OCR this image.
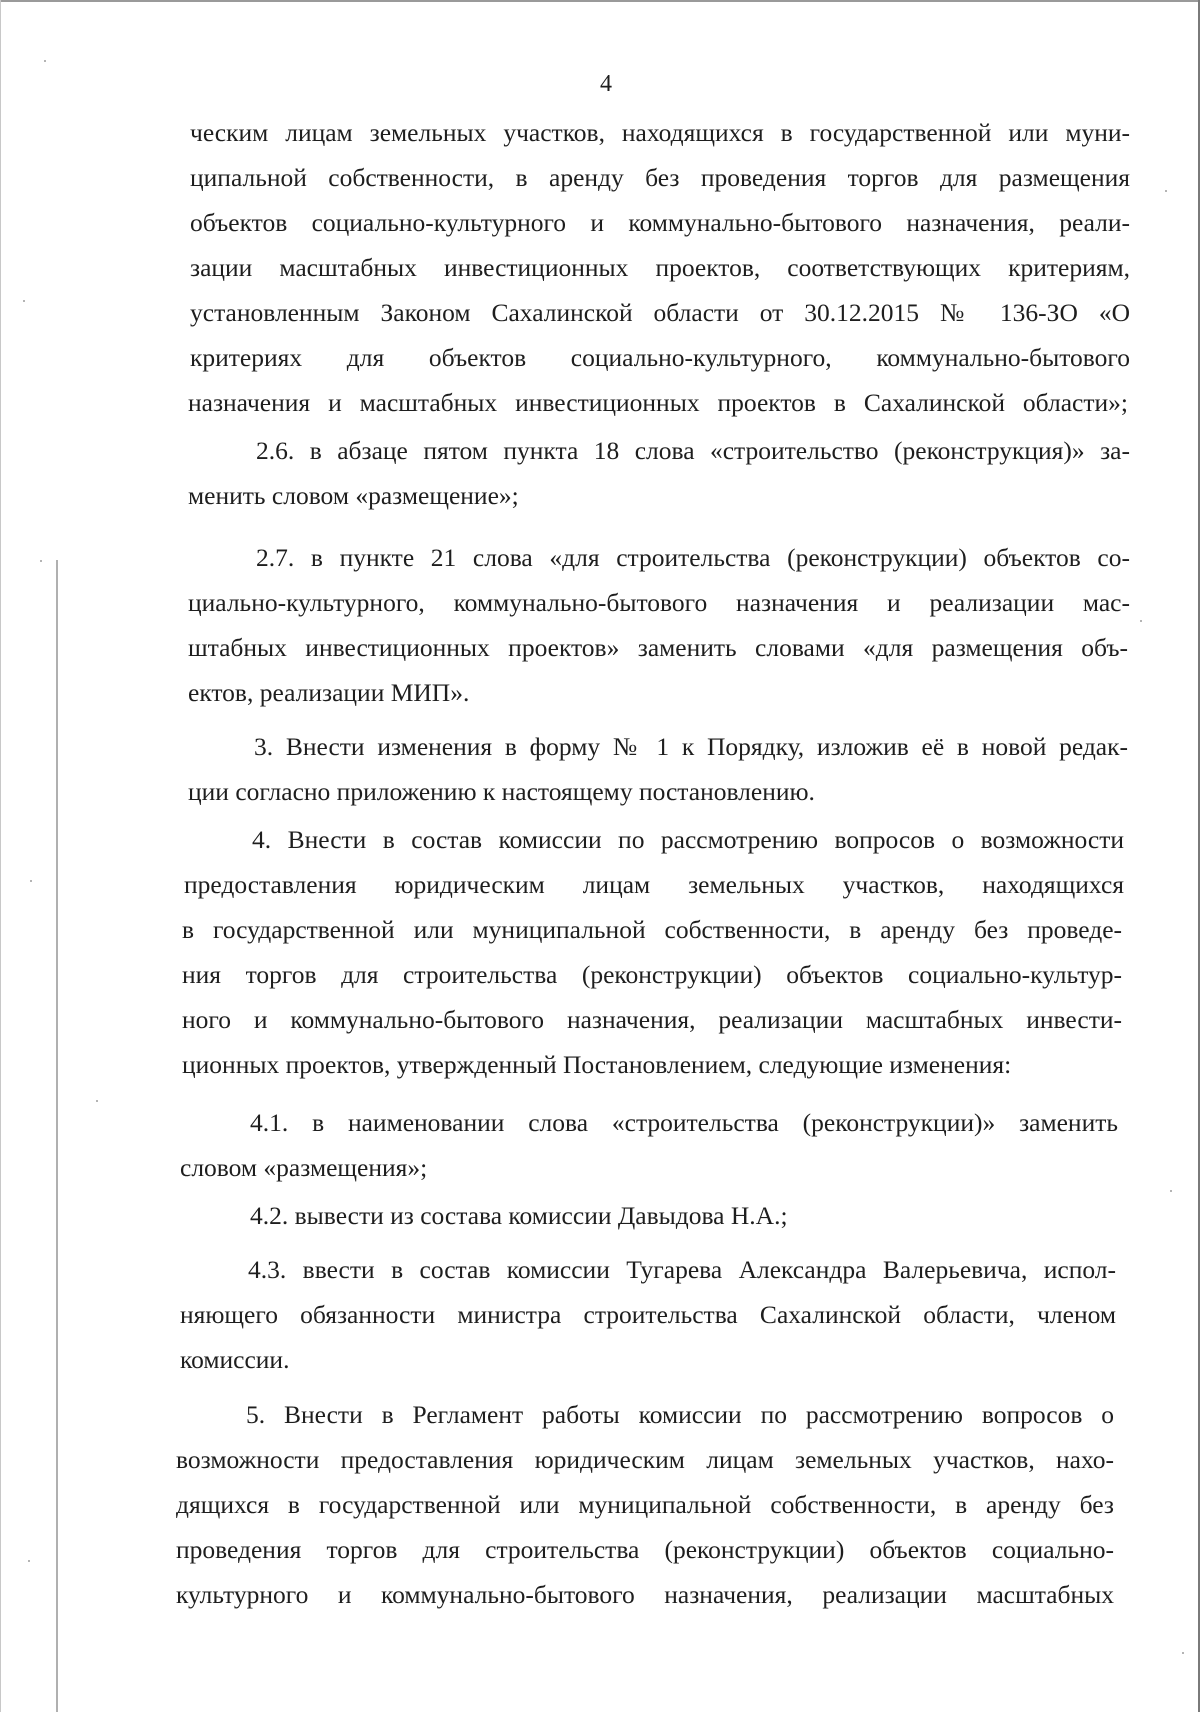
4
ческим лицам земельных участков, находящихся в государственной или муни-
ципальной собственности, в аренду без проведения торгов для размещения
объектов социально-культурного и коммунально-бытового назначения, реали-
зации масштабных инвестиционных проектов, соответствующих критериям,
установленным Законом Сахалинской области от 30.12.2015 № 136-ЗО «О
критериях для объектов социально-культурного, коммунально-бытового
назначения и масштабных инвестиционных проектов в Сахалинской области»;
2.6. в абзаце пятом пункта 18 слова «строительство (реконструкция)» за-
менить словом «размещение»;
2.7. в пункте 21 слова «для строительства (реконструкции) объектов со-
циально-культурного, коммунально-бытового назначения и реализации мас-
штабных инвестиционных проектов» заменить словами «для размещения объ-
ектов, реализации МИП».
3. Внести изменения в форму № 1 к Порядку, изложив её в новой редак-
ции согласно приложению к настоящему постановлению.
4. Внести в состав комиссии по рассмотрению вопросов о возможности
предоставления юридическим лицам земельных участков, находящихся
в государственной или муниципальной собственности, в аренду без проведе-
ния торгов для строительства (реконструкции) объектов социально-культур-
ного и коммунально-бытового назначения, реализации масштабных инвести-
ционных проектов, утвержденный Постановлением, следующие изменения:
4.1. в наименовании слова «строительства (реконструкции)» заменить
словом «размещения»;
4.2. вывести из состава комиссии Давыдова Н.А.;
4.3. ввести в состав комиссии Тугарева Александра Валерьевича, испол-
няющего обязанности министра строительства Сахалинской области, членом
комиссии.
5. Внести в Регламент работы комиссии по рассмотрению вопросов о
возможности предоставления юридическим лицам земельных участков, нахо-
дящихся в государственной или муниципальной собственности, в аренду без
проведения торгов для строительства (реконструкции) объектов социально-
культурного и коммунально-бытового назначения, реализации масштабных
